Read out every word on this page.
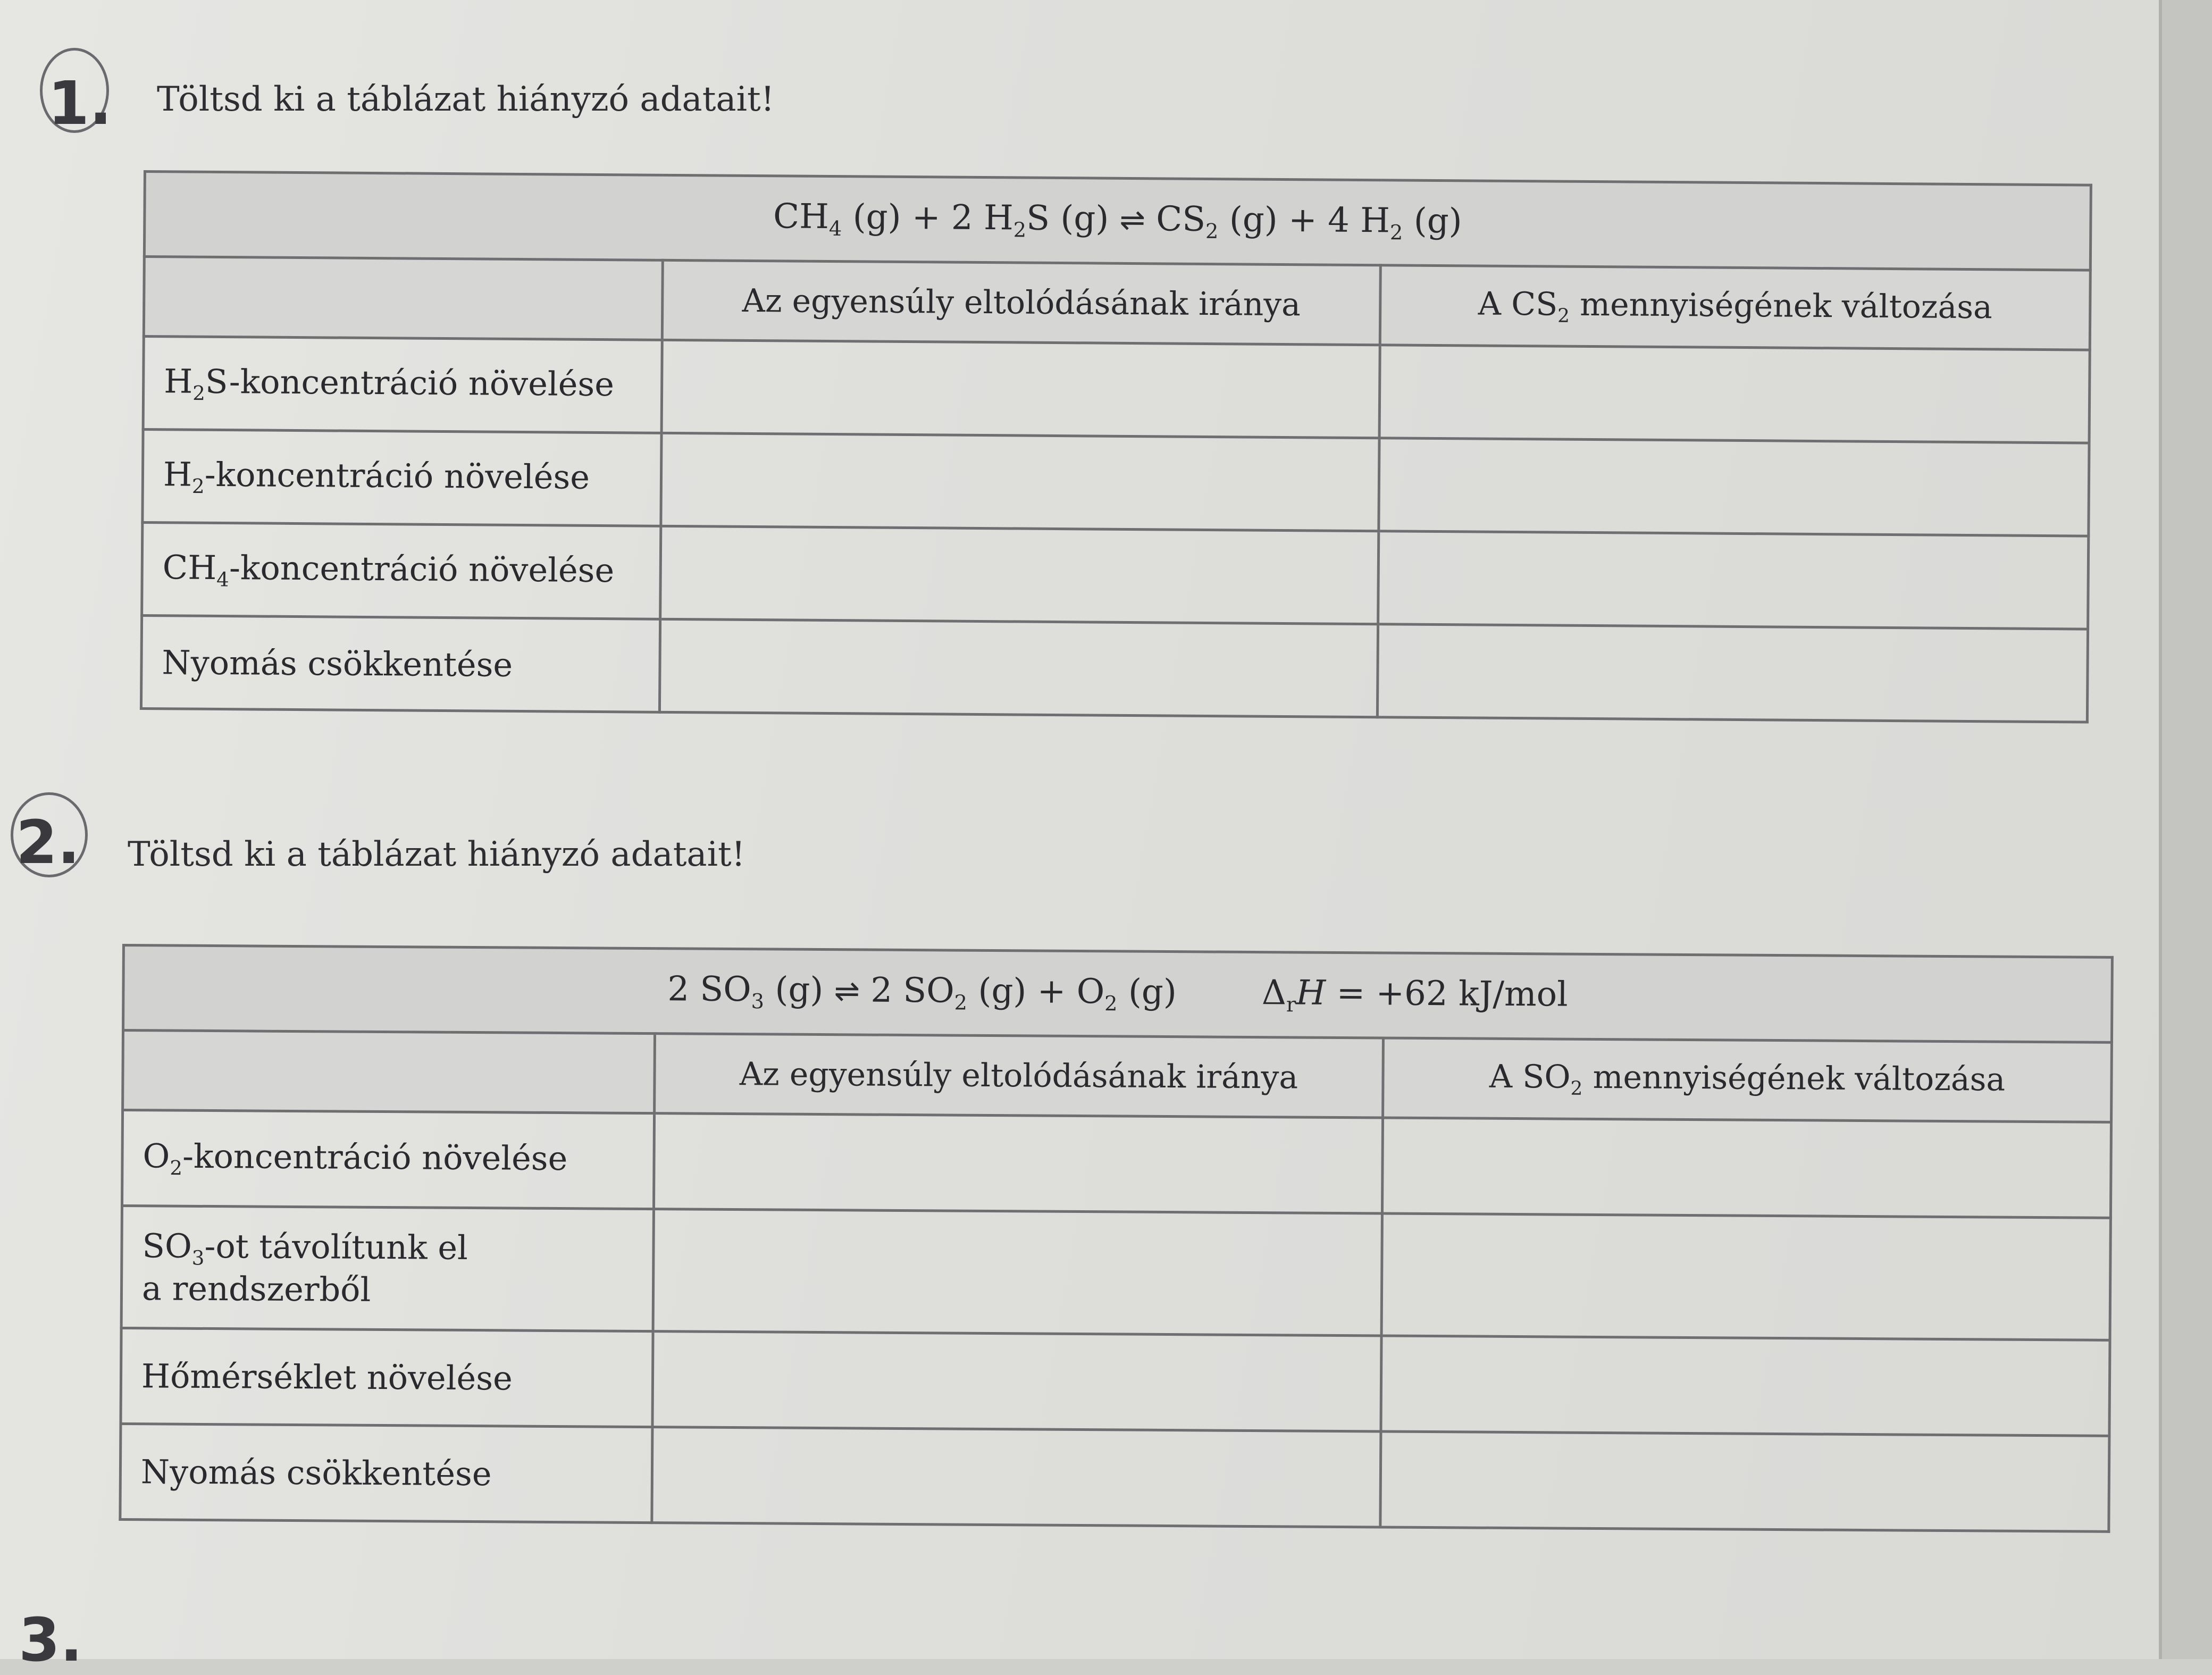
1. Töltsd ki a táblázat hiányzó adatait!
$CH_4$ (g) + 2 $H_2S$ (g) ⇌ $CS_2$ (g) + 4 $H_2$ (g)		
	Az egyensúly eltolódásának iránya	A $CS_2$ mennyiségének változása
$H_2S$-koncentráció növelése		
$H_2$-koncentráció növelése		
$CH_4$-koncentráció növelése		
Nyomás csökkentése		
2. Töltsd ki a táblázat hiányzó adatait!
2 $SO_3$ (g) ⇌ 2 $SO_2$ $(g) + O_2$ (g) $\Delta_rH = +62$ kJ/mol		
	Az egyensúly eltolódásának iránya	A $SO_2$ mennyiségének változása
$O_2$-koncentráció növelése		
$SO_3-ot$ távolítunk el
a rendszerből		
Hőmérséklet növelése		
Nyomás csökkentése		
3.
